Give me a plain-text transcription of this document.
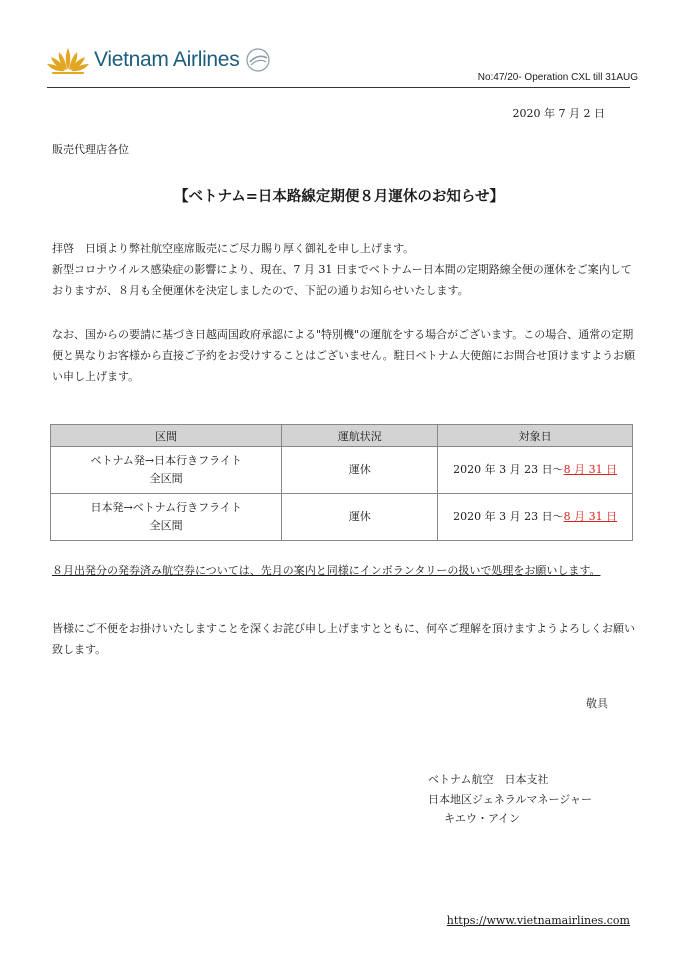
Vietnam Airlines
No:47/20- Operation CXL till 31AUG
2020 年 7 月 2 日
販売代理店各位
【ベトナム=日本路線定期便８月運休のお知らせ】

拝啓　日頃より弊社航空座席販売にご尽力賜り厚く御礼を申し上げます。
新型コロナウイルス感染症の影響により、現在、7 月 31 日までベトナムー日本間の定期路線全便の運休をご案内しておりますが、８月も全便運休を決定しましたので、下記の通りお知らせいたします。

なお、国からの要請に基づき日越両国政府承認による"特別機"の運航をする場合がございます。この場合、通常の定期便と異なりお客様から直接ご予約をお受けすることはございません。駐日ベトナム大使館にお問合せ頂けますようお願い申し上げます。

区間	運航状況	対象日
ベトナム発→日本行きフライト
全区間	運休	2020 年 3 月 23 日〜8 月 31 日
日本発→ベトナム行きフライト
全区間	運休	2020 年 3 月 23 日〜8 月 31 日
８月出発分の発券済み航空券については、先月の案内と同様にインボランタリーの扱いで処理をお願いします。

皆様にご不便をお掛けいたしますことを深くお詫び申し上げますとともに、何卒ご理解を頂けますようよろしくお願い致します。

敬具
ベトナム航空　日本支社
日本地区ジェネラルマネージャー
キエウ・アイン
https://www.vietnamairlines.com
